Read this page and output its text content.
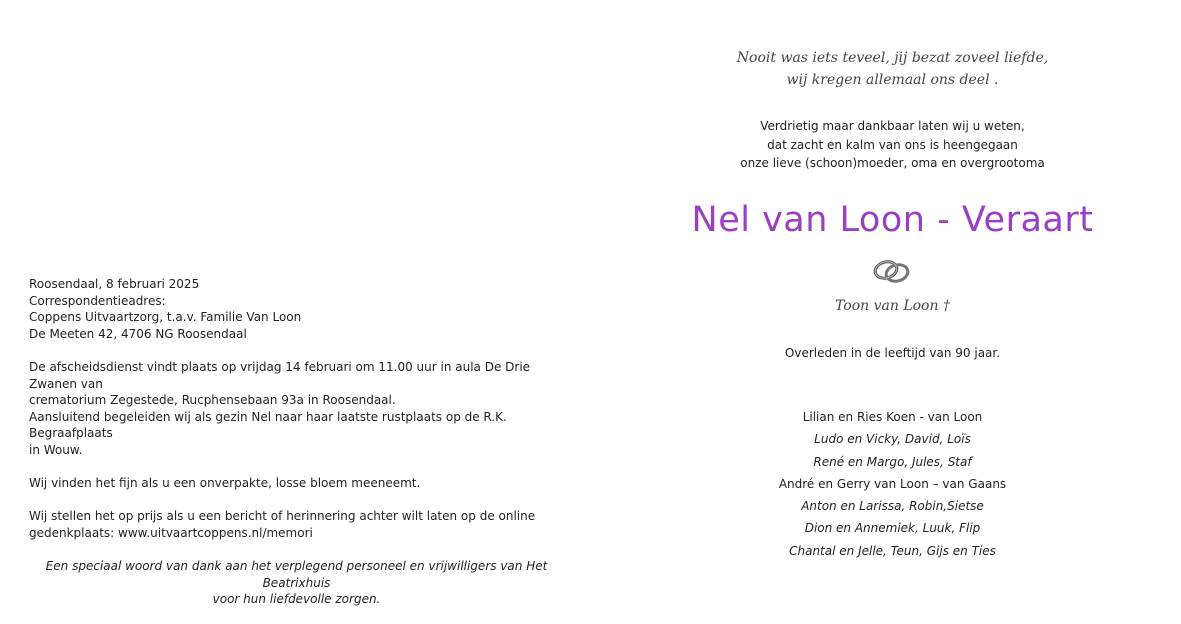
Roosendaal, 8 februari 2025
Correspondentieadres:
Coppens Uitvaartzorg, t.a.v. Familie Van Loon
De Meeten 42, 4706 NG Roosendaal

De afscheidsdienst vindt plaats op vrijdag 14 februari om 11.00 uur in aula De Drie Zwanen van
crematorium Zegestede, Rucphensebaan 93a in Roosendaal.
Aansluitend begeleiden wij als gezin Nel naar haar laatste rustplaats op de R.K. Begraafplaats
in Wouw.

Wij vinden het fijn als u een onverpakte, losse bloem meeneemt.

Wij stellen het op prijs als u een bericht of herinnering achter wilt laten op de online
gedenkplaats: www.uitvaartcoppens.nl/memori

Een speciaal woord van dank aan het verplegend personeel en vrijwilligers van Het Beatrixhuis
voor hun liefdevolle zorgen.

Nooit was iets teveel, jij bezat zoveel liefde,
wij kregen allemaal ons deel .
Verdrietig maar dankbaar laten wij u weten,
dat zacht en kalm van ons is heengegaan
onze lieve (schoon)moeder, oma en overgrootoma
Nel van Loon - Veraart
Toon van Loon †
Overleden in de leeftijd van 90 jaar.
Lilian en Ries Koen - van Loon
Ludo en Vicky, David, Loïs
René en Margo, Jules, Staf
André en Gerry van Loon – van Gaans
Anton en Larissa, Robin,Sietse
Dion en Annemiek, Luuk, Flip
Chantal en Jelle, Teun, Gijs en Ties
